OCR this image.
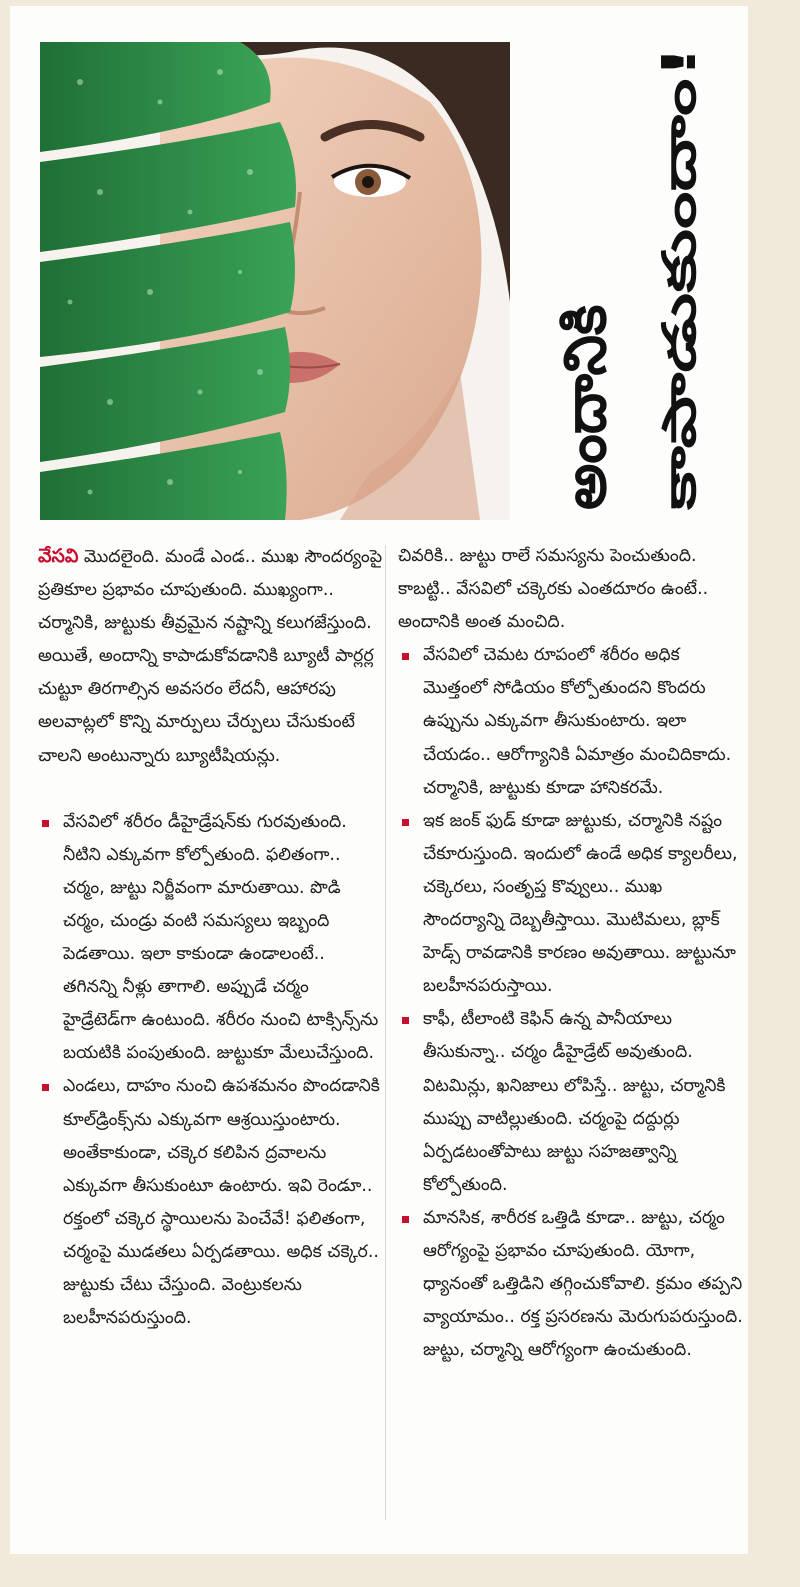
అందానికి కాపాడుకుందాం!

వేసవి మొదలైంది. మండే ఎండ.. ముఖ సౌందర్యంపై ప్రతికూల ప్రభావం చూపుతుంది. ముఖ్యంగా.. చర్మానికి, జుట్టుకు తీవ్రమైన నష్టాన్ని కలుగజేస్తుంది. అయితే, అందాన్ని కాపాడుకోవడానికి బ్యూటీ పార్లర్ల చుట్టూ తిరగాల్సిన అవసరం లేదనీ, ఆహారపు అలవాట్లలో కొన్ని మార్పులు చేర్పులు చేసుకుంటే చాలని అంటున్నారు బ్యూటీషియన్లు.

వేసవిలో శరీరం డీహైడ్రేషన్‌కు గురవుతుంది. నీటిని ఎక్కువగా కోల్పోతుంది. ఫలితంగా.. చర్మం, జుట్టు నిర్జీవంగా మారుతాయి. పొడి చర్మం, చుండ్రు వంటి సమస్యలు ఇబ్బంది పెడతాయి. ఇలా కాకుండా ఉండాలంటే.. తగినన్ని నీళ్లు తాగాలి. అప్పుడే చర్మం హైడ్రేటెడ్‌గా ఉంటుంది. శరీరం నుంచి టాక్సిన్స్‌ను బయటికి పంపుతుంది. జుట్టుకూ మేలుచేస్తుంది.

ఎండలు, దాహం నుంచి ఉపశమనం పొందడానికి కూల్‌డ్రింక్స్‌ను ఎక్కువగా ఆశ్రయిస్తుంటారు. అంతేకాకుండా, చక్కెర కలిపిన ద్రవాలను ఎక్కువగా తీసుకుంటూ ఉంటారు. ఇవి రెండూ.. రక్తంలో చక్కెర స్థాయిలను పెంచేవే! ఫలితంగా, చర్మంపై ముడతలు ఏర్పడతాయి. అధిక చక్కెర.. జుట్టుకు చేటు చేస్తుంది. వెంట్రుకలను బలహీనపరుస్తుంది.

చివరికి.. జుట్టు రాలే సమస్యను పెంచుతుంది. కాబట్టి.. వేసవిలో చక్కెరకు ఎంతదూరం ఉంటే.. అందానికి అంత మంచిది.

వేసవిలో చెమట రూపంలో శరీరం అధిక మొత్తంలో సోడియం కోల్పోతుందని కొందరు ఉప్పును ఎక్కువగా తీసుకుంటారు. ఇలా చేయడం.. ఆరోగ్యానికి ఏమాత్రం మంచిదికాదు. చర్మానికి, జుట్టుకు కూడా హానికరమే.

ఇక జంక్ ఫుడ్ కూడా జుట్టుకు, చర్మానికి నష్టం చేకూరుస్తుంది. ఇందులో ఉండే అధిక క్యాలరీలు, చక్కెరలు, సంతృప్త కొవ్వులు.. ముఖ సౌందర్యాన్ని దెబ్బతీస్తాయి. మొటిమలు, బ్లాక్ హెడ్స్ రావడానికి కారణం అవుతాయి. జుట్టునూ బలహీనపరుస్తాయి.

కాఫీ, టీలాంటి కెఫిన్ ఉన్న పానీయాలు తీసుకున్నా.. చర్మం డీహైడ్రేట్ అవుతుంది. విటమిన్లు, ఖనిజాలు లోపిస్తే.. జుట్టు, చర్మానికి ముప్పు వాటిల్లుతుంది. చర్మంపై దద్దుర్లు ఏర్పడటంతోపాటు జుట్టు సహజత్వాన్ని కోల్పోతుంది.

మానసిక, శారీరక ఒత్తిడి కూడా.. జుట్టు, చర్మం ఆరోగ్యంపై ప్రభావం చూపుతుంది. యోగా, ధ్యానంతో ఒత్తిడిని తగ్గించుకోవాలి. క్రమం తప్పని వ్యాయామం.. రక్త ప్రసరణను మెరుగుపరుస్తుంది. జుట్టు, చర్మాన్ని ఆరోగ్యంగా ఉంచుతుంది.
